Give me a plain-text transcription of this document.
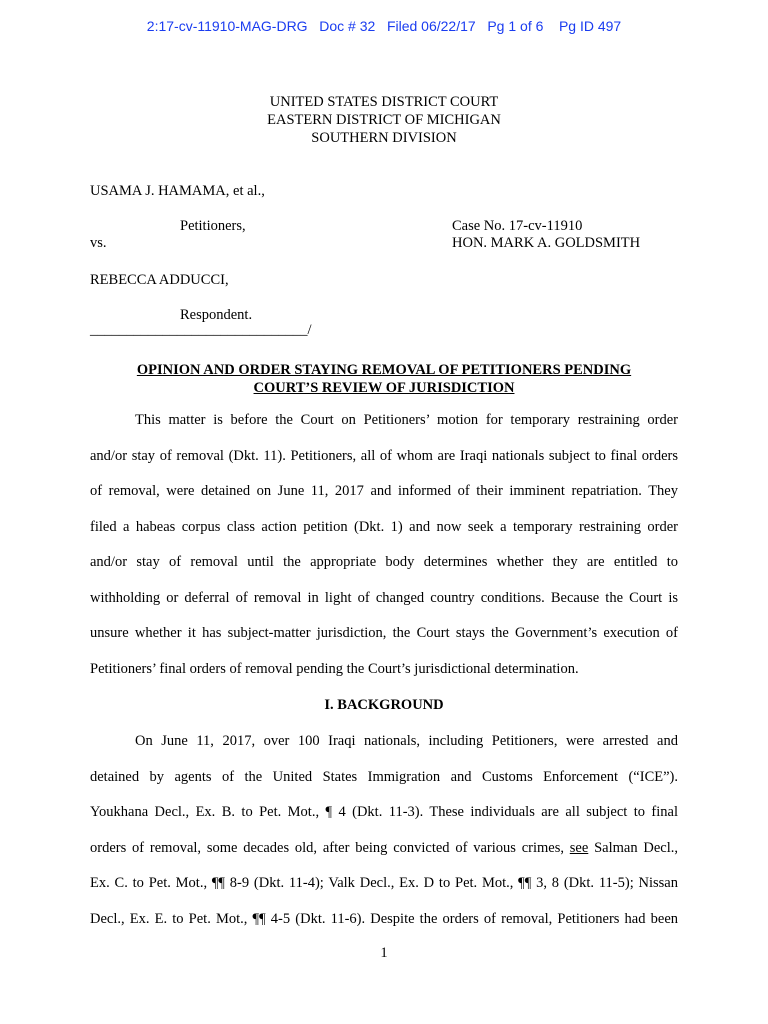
2:17-cv-11910-MAG-DRG   Doc # 32   Filed 06/22/17   Pg 1 of 6    Pg ID 497
UNITED STATES DISTRICT COURT
EASTERN DISTRICT OF MICHIGAN
SOUTHERN DIVISION
USAMA J. HAMAMA, et al.,
Petitioners,	Case No. 17-cv-11910
vs.	HON. MARK A. GOLDSMITH
REBECCA ADDUCCI,
Respondent.
______________________________/
OPINION AND ORDER STAYING REMOVAL OF PETITIONERS PENDING
COURT’S REVIEW OF JURISDICTION
This matter is before the Court on Petitioners’ motion for temporary restraining order
and/or stay of removal (Dkt. 11). Petitioners, all of whom are Iraqi nationals subject to final orders
of removal, were detained on June 11, 2017 and informed of their imminent repatriation. They
filed a habeas corpus class action petition (Dkt. 1) and now seek a temporary restraining order
and/or stay of removal until the appropriate body determines whether they are entitled to
withholding or deferral of removal in light of changed country conditions. Because the Court is
unsure whether it has subject-matter jurisdiction, the Court stays the Government’s execution of
Petitioners’ final orders of removal pending the Court’s jurisdictional determination.
I. BACKGROUND
On June 11, 2017, over 100 Iraqi nationals, including Petitioners, were arrested and
detained by agents of the United States Immigration and Customs Enforcement (“ICE”).
Youkhana Decl., Ex. B. to Pet. Mot., ¶ 4 (Dkt. 11-3). These individuals are all subject to final
orders of removal, some decades old, after being convicted of various crimes, see Salman Decl.,
Ex. C. to Pet. Mot., ¶¶ 8-9 (Dkt. 11-4); Valk Decl., Ex. D to Pet. Mot., ¶¶ 3, 8 (Dkt. 11-5); Nissan
Decl., Ex. E. to Pet. Mot., ¶¶ 4-5 (Dkt. 11-6). Despite the orders of removal, Petitioners had been
1
